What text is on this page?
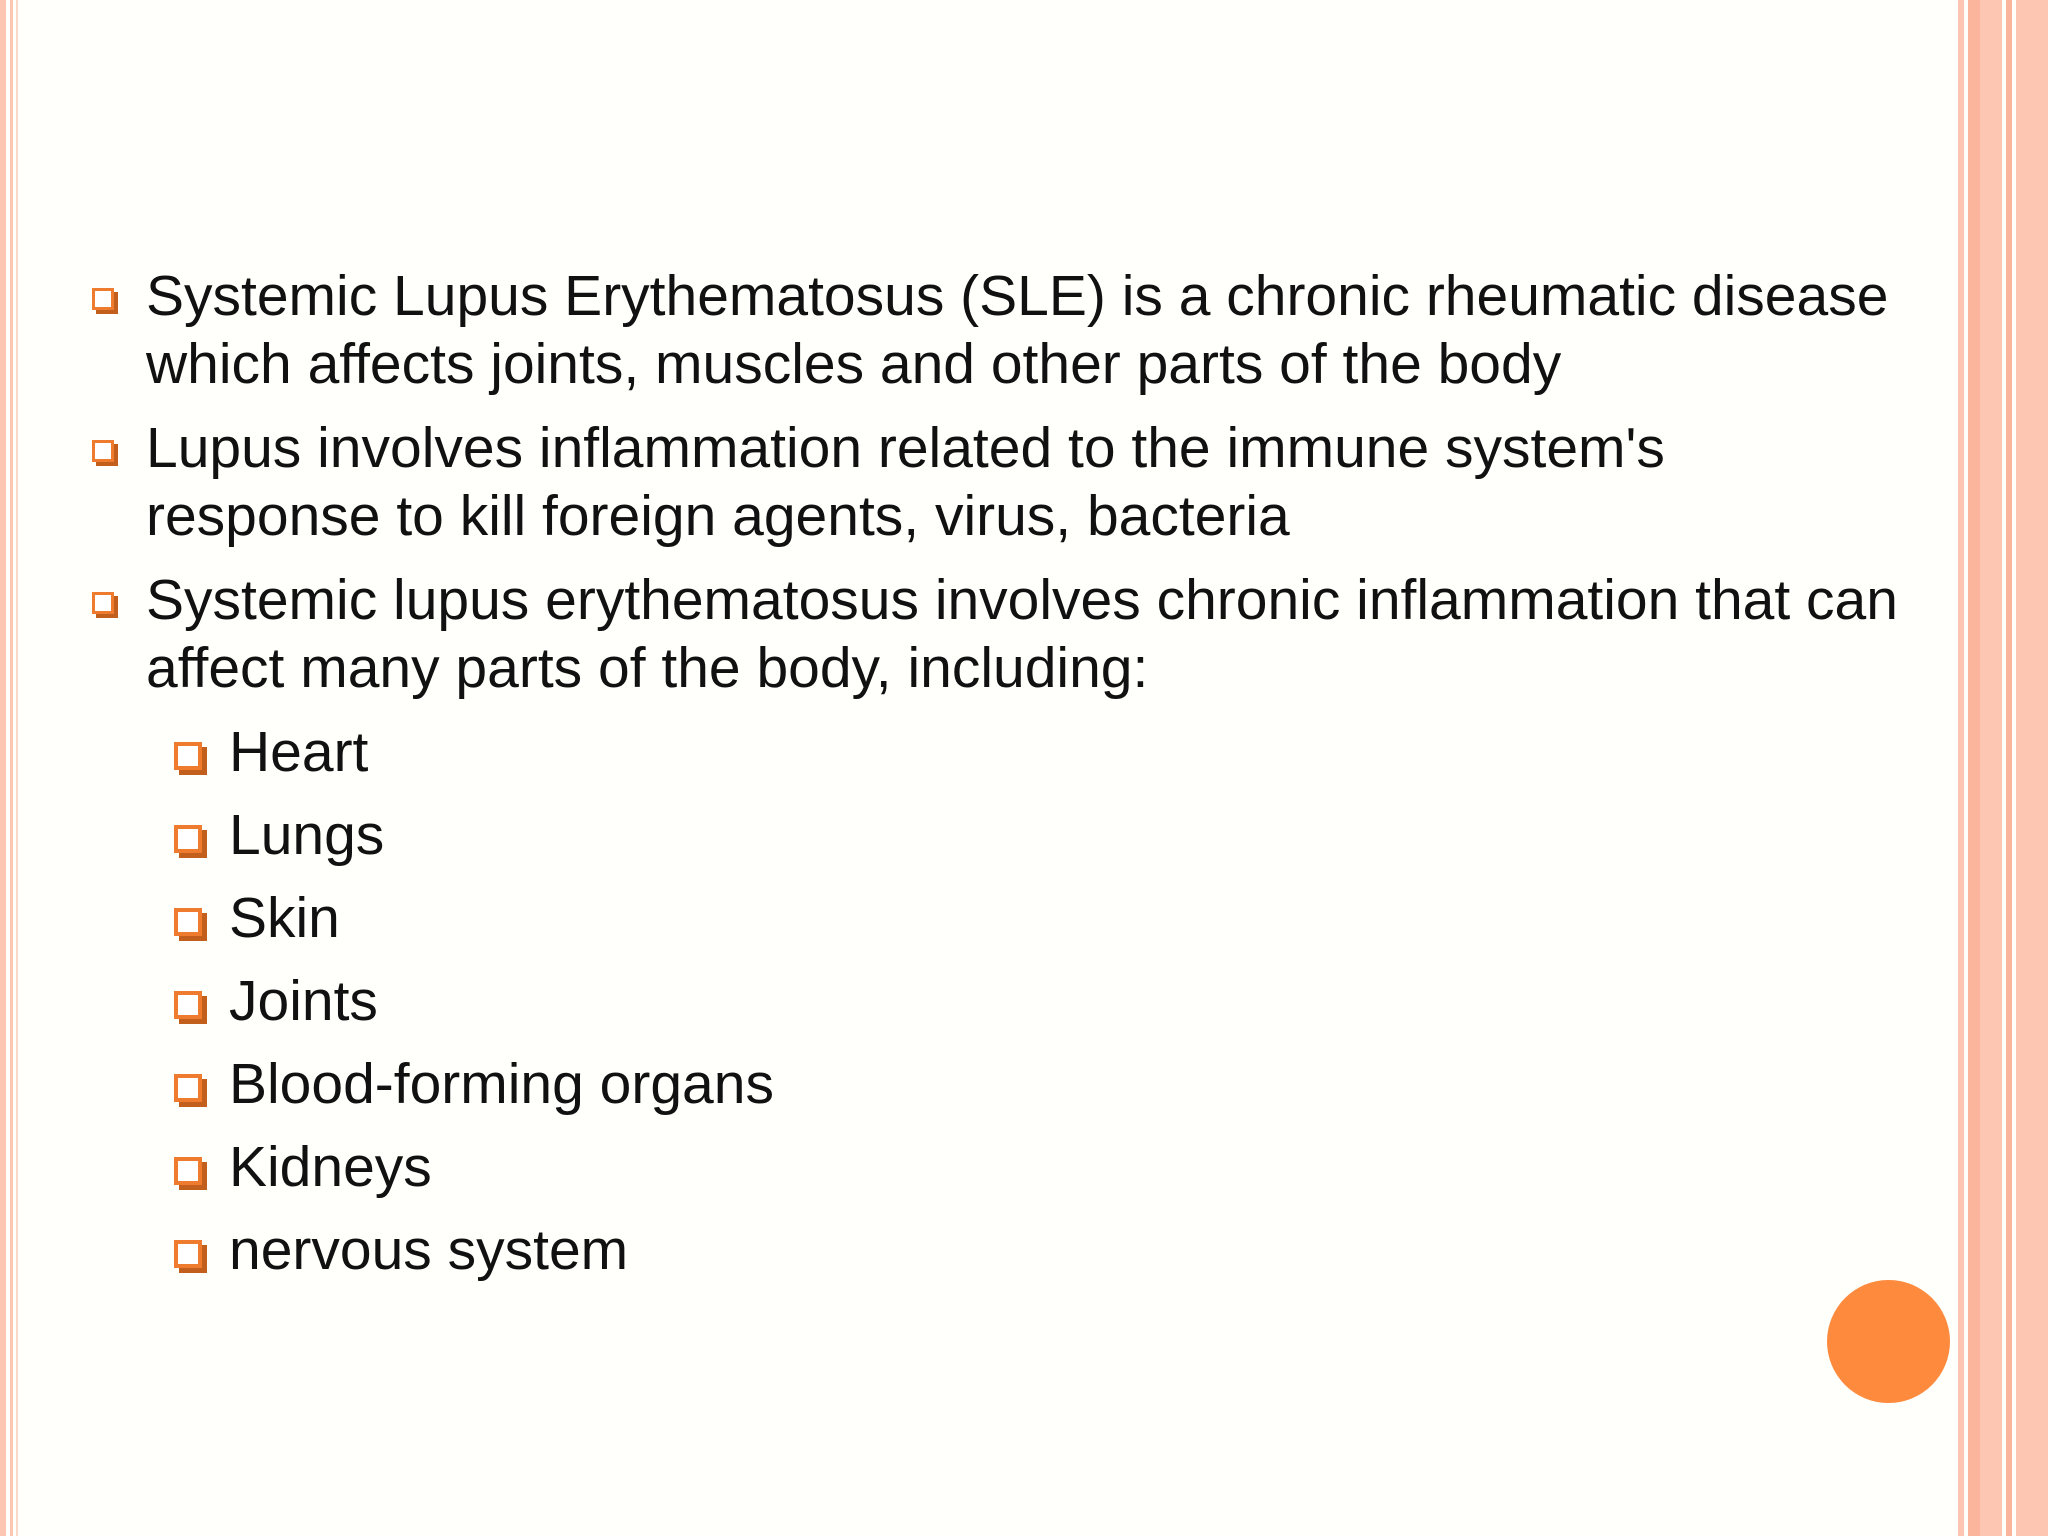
Systemic Lupus Erythematosus (SLE) is a chronic rheumatic disease which affects joints, muscles and other parts of the body
Lupus involves inflammation related to the immune system's response to kill foreign agents, virus, bacteria
Systemic lupus erythematosus involves chronic inflammation that can affect many parts of the body, including:
Heart
Lungs
Skin
Joints
Blood-forming organs
Kidneys
nervous system
